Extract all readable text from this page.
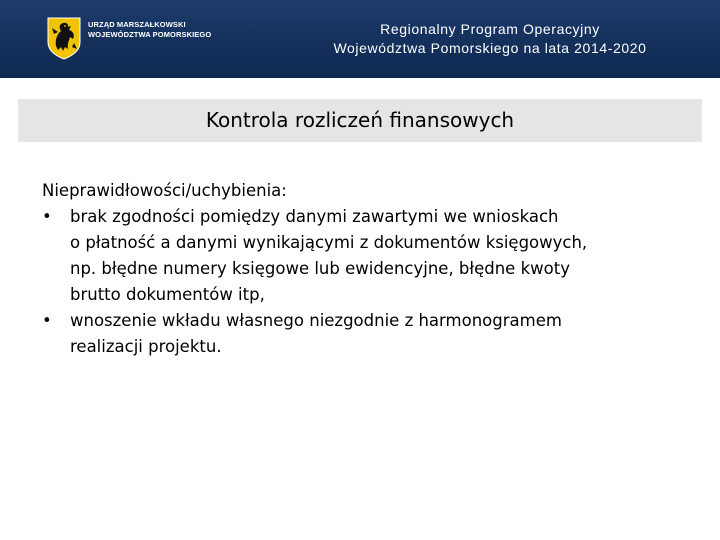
URZĄD MARSZAŁKOWSKI
WOJEWÓDZTWA POMORSKIEGO	Regionalny Program Operacyjny
Województwa Pomorskiego na lata 2014-2020
Kontrola rozliczeń finansowych
Nieprawidłowości/uchybienia:
• brak zgodności pomiędzy danymi zawartymi we wnioskach
o płatność a danymi wynikającymi z dokumentów księgowych,
np. błędne numery księgowe lub ewidencyjne, błędne kwoty
brutto dokumentów itp,
• wnoszenie wkładu własnego niezgodnie z harmonogramem
realizacji projektu.
